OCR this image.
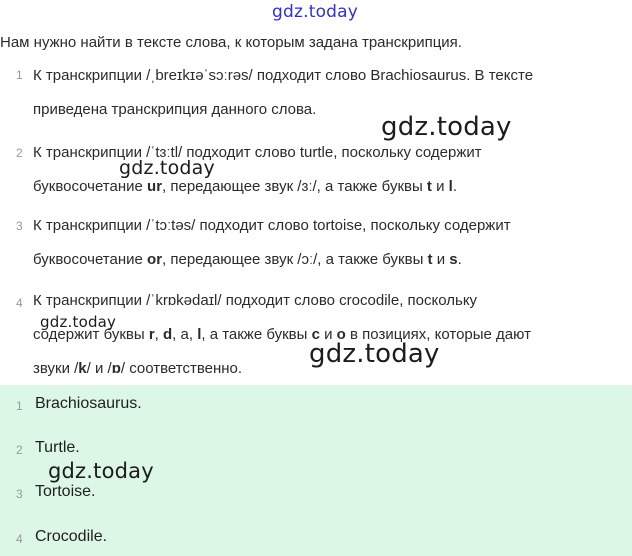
gdz.today
Нам нужно найти в тексте слова, к которым задана транскрипция.
1 К транскрипции /ˌbreɪkɪəˈsɔːrəs/ подходит слово Brachiosaurus. В тексте
приведена транскрипция данного слова.
2 К транскрипции /ˈtɜːtl/ подходит слово turtle, поскольку содержит
буквосочетание ur, передающее звук /ɜː/, а также буквы t и l.
3 К транскрипции /ˈtɔːtəs/ подходит слово tortoise, поскольку содержит
буквосочетание or, передающее звук /ɔː/, а также буквы t и s.
4 К транскрипции /ˈkrɒkədaɪl/ подходит слово crocodile, поскольку
содержит буквы r, d, a, l, а также буквы c и o в позициях, которые дают
звуки /k/ и /ɒ/ соответственно.
1 Brachiosaurus.
2 Turtle.
3 Tortoise.
4 Crocodile.
gdz.today
gdz.today
gdz.today
gdz.today
gdz.today
